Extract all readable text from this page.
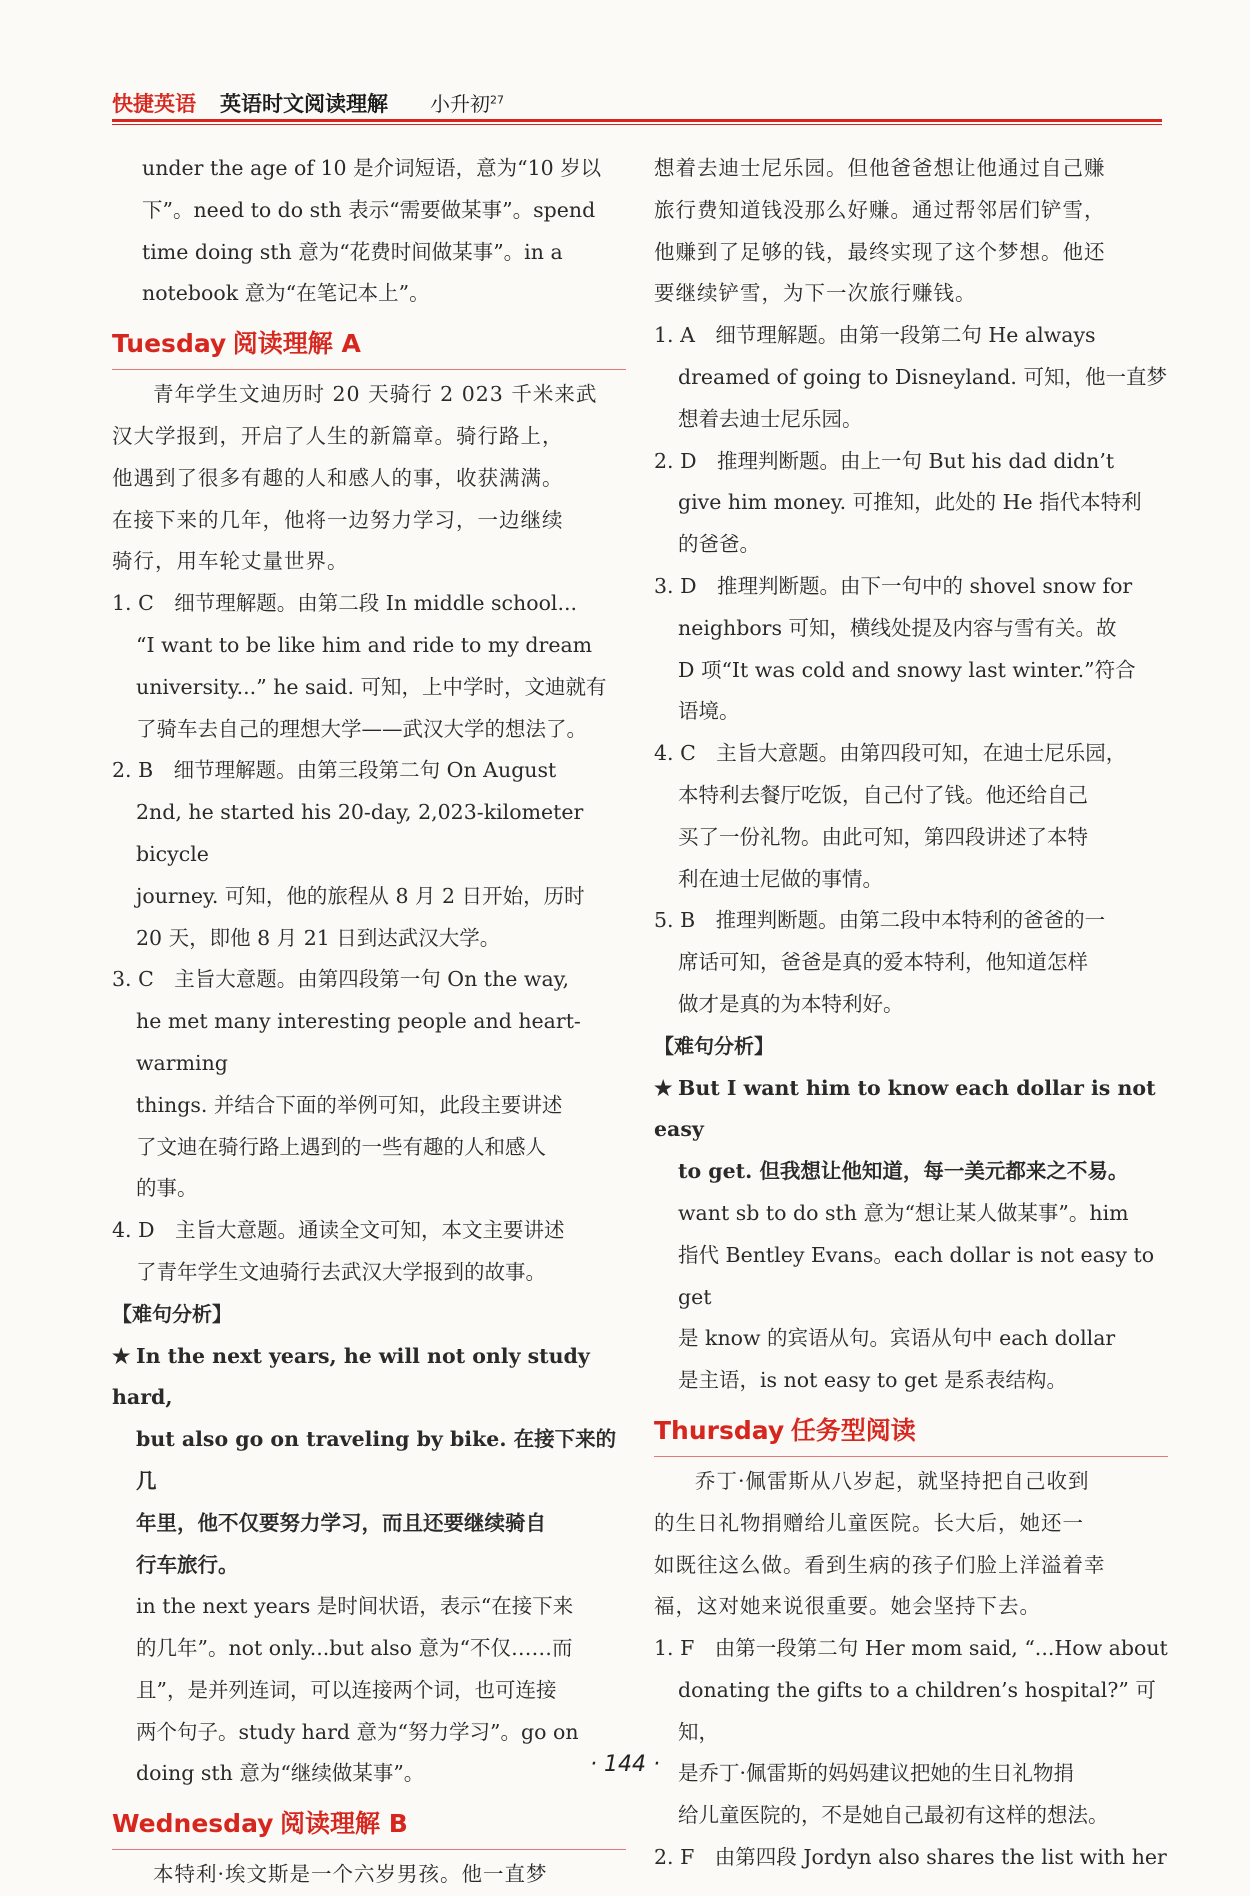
快捷英语 英语时文阅读理解 小升初$^{27}$
under the age of 10 是介词短语，意为“10 岁以
下”。need to do sth 表示“需要做某事”。spend
time doing sth 意为“花费时间做某事”。in a
notebook 意为“在笔记本上”。
Tuesday 阅读理解 A
青年学生文迪历时 20 天骑行 2 023 千米来武
汉大学报到，开启了人生的新篇章。骑行路上，
他遇到了很多有趣的人和感人的事，收获满满。
在接下来的几年，他将一边努力学习，一边继续
骑行，用车轮丈量世界。
1. C　细节理解题。由第二段 In middle school...
“I want to be like him and ride to my dream
university...” he said. 可知，上中学时，文迪就有
了骑车去自己的理想大学——武汉大学的想法了。
2. B　细节理解题。由第三段第二句 On August
2nd, he started his 20-day, 2,023-kilometer bicycle
journey. 可知，他的旅程从 8 月 2 日开始，历时
20 天，即他 8 月 21 日到达武汉大学。
3. C　主旨大意题。由第四段第一句 On the way,
he met many interesting people and heart-warming
things. 并结合下面的举例可知，此段主要讲述
了文迪在骑行路上遇到的一些有趣的人和感人
的事。
4. D　主旨大意题。通读全文可知，本文主要讲述
了青年学生文迪骑行去武汉大学报到的故事。
【难句分析】
★ In the next years, he will not only study hard,
but also go on traveling by bike. 在接下来的几
年里，他不仅要努力学习，而且还要继续骑自
行车旅行。
in the next years 是时间状语，表示“在接下来
的几年”。not only...but also 意为“不仅……而
且”，是并列连词，可以连接两个词，也可连接
两个句子。study hard 意为“努力学习”。go on
doing sth 意为“继续做某事”。
Wednesday 阅读理解 B
本特利·埃文斯是一个六岁男孩。他一直梦
想着去迪士尼乐园。但他爸爸想让他通过自己赚
旅行费知道钱没那么好赚。通过帮邻居们铲雪，
他赚到了足够的钱，最终实现了这个梦想。他还
要继续铲雪，为下一次旅行赚钱。
1. A　细节理解题。由第一段第二句 He always
dreamed of going to Disneyland. 可知，他一直梦
想着去迪士尼乐园。
2. D　推理判断题。由上一句 But his dad didn’t
give him money. 可推知，此处的 He 指代本特利
的爸爸。
3. D　推理判断题。由下一句中的 shovel snow for
neighbors 可知，横线处提及内容与雪有关。故
D 项“It was cold and snowy last winter.”符合
语境。
4. C　主旨大意题。由第四段可知，在迪士尼乐园，
本特利去餐厅吃饭，自己付了钱。他还给自己
买了一份礼物。由此可知，第四段讲述了本特
利在迪士尼做的事情。
5. B　推理判断题。由第二段中本特利的爸爸的一
席话可知，爸爸是真的爱本特利，他知道怎样
做才是真的为本特利好。
【难句分析】
★ But I want him to know each dollar is not easy
to get. 但我想让他知道，每一美元都来之不易。
want sb to do sth 意为“想让某人做某事”。him
指代 Bentley Evans。each dollar is not easy to get
是 know 的宾语从句。宾语从句中 each dollar
是主语，is not easy to get 是系表结构。
Thursday 任务型阅读
乔丁·佩雷斯从八岁起，就坚持把自己收到
的生日礼物捐赠给儿童医院。长大后，她还一
如既往这么做。看到生病的孩子们脸上洋溢着幸
福，这对她来说很重要。她会坚持下去。
1. F　由第一段第二句 Her mom said, “...How about
donating the gifts to a children’s hospital?” 可知，
是乔丁·佩雷斯的妈妈建议把她的生日礼物捐
给儿童医院的，不是她自己最初有这样的想法。
2. F　由第四段 Jordyn also shares the list with her
· 144 ·
